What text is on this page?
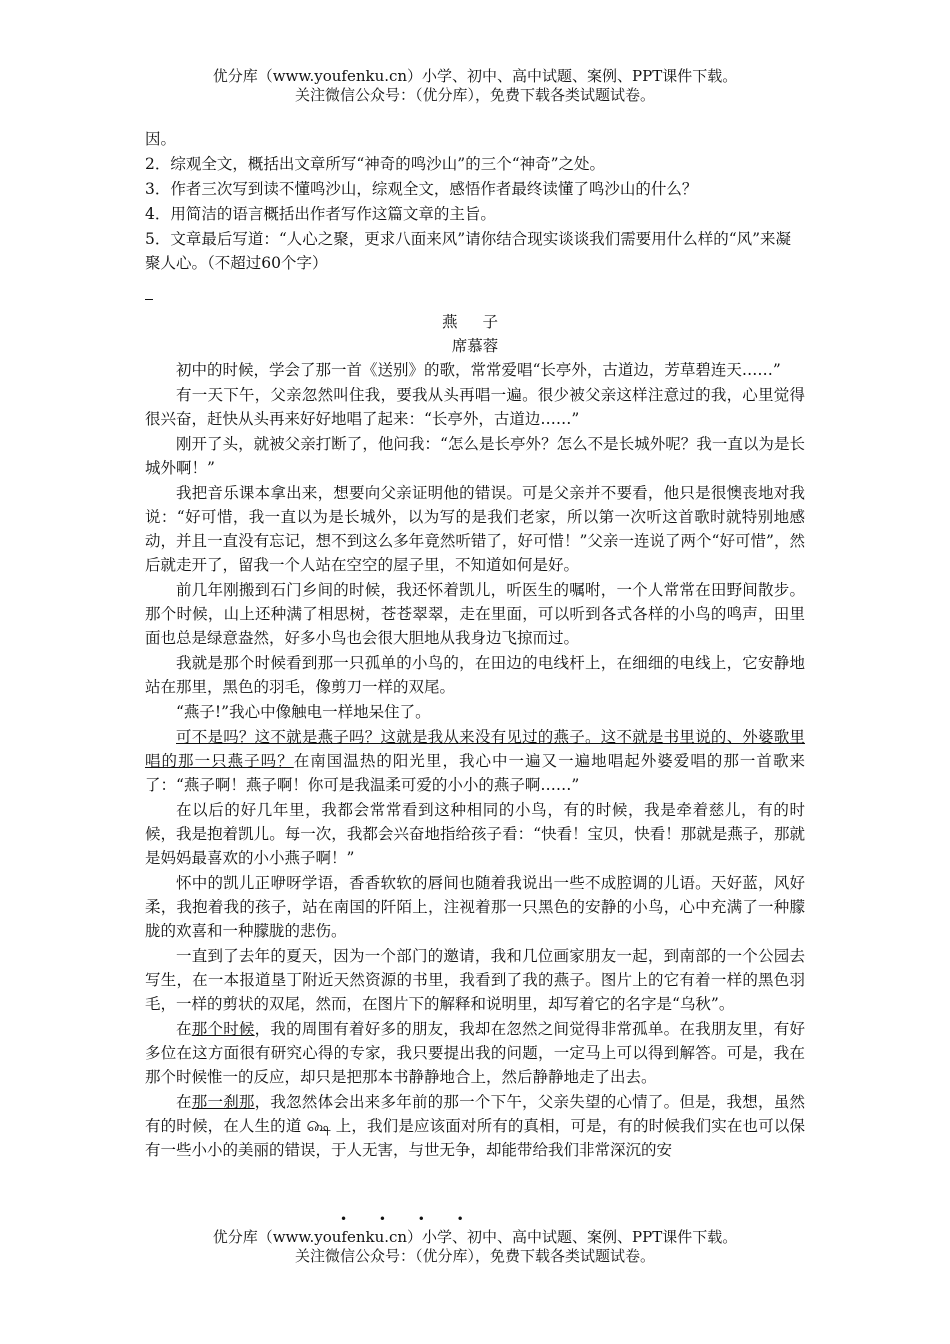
优分库（www.youfenku.cn）小学、初中、高中试题、案例、PPT课件下载。
关注微信公众号：（优分库），免费下载各类试题试卷。

因。

2．综观全文，概括出文章所写“神奇的鸣沙山”的三个“神奇”之处。

3．作者三次写到读不懂鸣沙山，综观全文，感悟作者最终读懂了鸣沙山的什么？

4．用简洁的语言概括出作者写作这篇文章的主旨。

5．文章最后写道：“人心之聚，更求八面来风”请你结合现实谈谈我们需要用什么样的“风”来凝聚人心。（不超过60个字）

燕 子

席慕蓉

初中的时候，学会了那一首《送别》的歌，常常爱唱“长亭外，古道边，芳草碧连天……”

有一天下午，父亲忽然叫住我，要我从头再唱一遍。很少被父亲这样注意过的我，心里觉得很兴奋，赶快从头再来好好地唱了起来：“长亭外，古道边……”

刚开了头，就被父亲打断了，他问我：“怎么是长亭外？怎么不是长城外呢？我一直以为是长城外啊！”

我把音乐课本拿出来，想要向父亲证明他的错误。可是父亲并不要看，他只是很懊丧地对我说：“好可惜，我一直以为是长城外，以为写的是我们老家，所以第一次听这首歌时就特别地感动，并且一直没有忘记，想不到这么多年竟然听错了，好可惜！”父亲一连说了两个“好可惜”，然后就走开了，留我一个人站在空空的屋子里，不知道如何是好。

前几年刚搬到石门乡间的时候，我还怀着凯儿，听医生的嘱咐，一个人常常在田野间散步。那个时候，山上还种满了相思树，苍苍翠翠，走在里面，可以听到各式各样的小鸟的鸣声，田里面也总是绿意盎然，好多小鸟也会很大胆地从我身边飞掠而过。

我就是那个时候看到那一只孤单的小鸟的，在田边的电线杆上，在细细的电线上，它安静地站在那里，黑色的羽毛，像剪刀一样的双尾。

“燕子!”我心中像触电一样地呆住了。

可不是吗？这不就是燕子吗？这就是我从来没有见过的燕子。这不就是书里说的、外婆歌里唱的那一只燕子吗？在南国温热的阳光里，我心中一遍又一遍地唱起外婆爱唱的那一首歌来了：“燕子啊！燕子啊！你可是我温柔可爱的小小的燕子啊……”

在以后的好几年里，我都会常常看到这种相同的小鸟，有的时候，我是牵着慈儿，有的时候，我是抱着凯儿。每一次，我都会兴奋地指给孩子看：“快看！宝贝，快看！那就是燕子，那就是妈妈最喜欢的小小燕子啊！”

怀中的凯儿正咿呀学语，香香软软的唇间也随着我说出一些不成腔调的儿语。天好蓝，风好柔，我抱着我的孩子，站在南国的阡陌上，注视着那一只黑色的安静的小鸟，心中充满了一种朦胧的欢喜和一种朦胧的悲伤。

一直到了去年的夏天，因为一个部门的邀请，我和几位画家朋友一起，到南部的一个公园去写生，在一本报道垦丁附近天然资源的书里，我看到了我的燕子。图片上的它有着一样的黑色羽毛，一样的剪状的双尾，然而，在图片下的解释和说明里，却写着它的名字是“乌秋”。

在那个时候，我的周围有着好多的朋友，我却在忽然之间觉得非常孤单。在我朋友里，有好多位在这方面很有研究心得的专家，我只要提出我的问题，一定马上可以得到解答。可是，我在那个时候惟一的反应，却只是把那本书静静地合上，然后静静地走了出去。

在那一刹那，我忽然体会出来多年前的那一个下午，父亲失望的心情了。但是，我想，虽然有的时候，在人生的道 ௸ 上，我们是应该面对所有的真相，可是，有的时候我们实在也可以保有一些小小的美丽的错误，于人无害，与世无争，却能带给我们非常深沉的安

• • • •
优分库（www.youfenku.cn）小学、初中、高中试题、案例、PPT课件下载。
关注微信公众号：（优分库），免费下载各类试题试卷。
